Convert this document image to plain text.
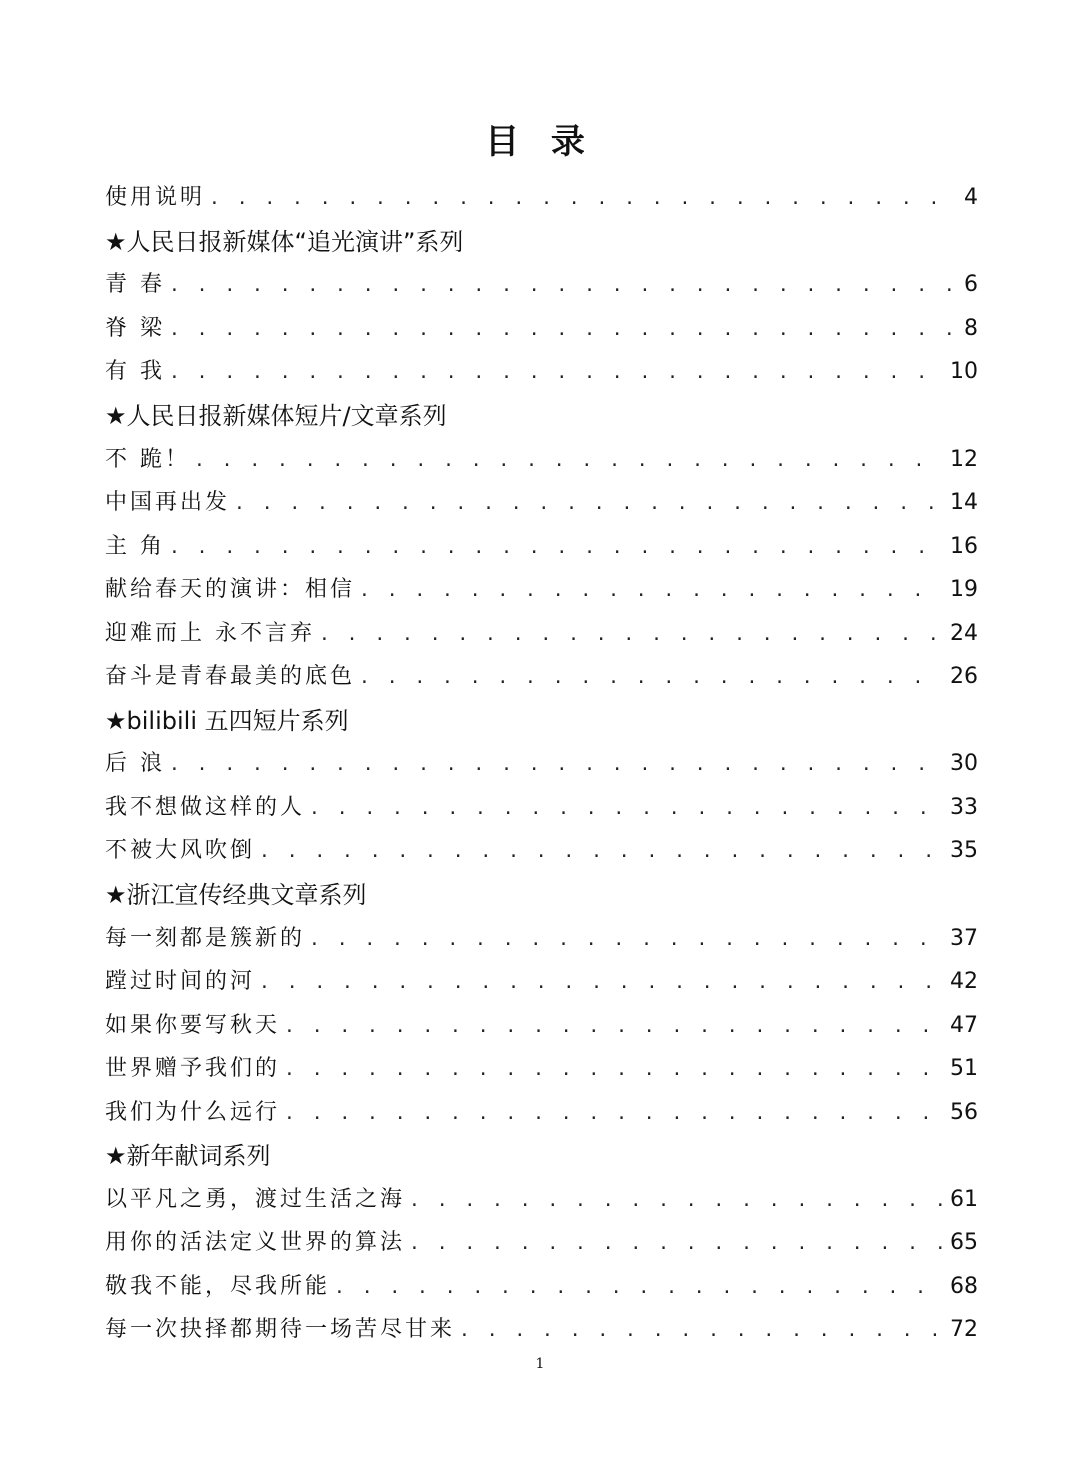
目 录
使用说明 . . .	4
★人民日报新媒体“追光演讲”系列
青 春 . . .	6
脊 梁 . . .	8
有 我 . . .	10
★人民日报新媒体短片/文章系列
不 跪！ . . .	12
中国再出发 . . .	14
主 角 . . .	16
献给春天的演讲：相信 . . .	19
迎难而上 永不言弃 . . .	24
奋斗是青春最美的底色 . . .	26
★bilibili 五四短片系列
后 浪 . . .	30
我不想做这样的人 . . .	33
不被大风吹倒 . . .	35
★浙江宣传经典文章系列
每一刻都是簇新的 . . .	37
蹚过时间的河 . . .	42
如果你要写秋天 . . .	47
世界赠予我们的 . . .	51
我们为什么远行 . . .	56
★新年献词系列
以平凡之勇，渡过生活之海 . . .	61
用你的活法定义世界的算法 . . .	65
敬我不能，尽我所能 . . .	68
每一次抉择都期待一场苦尽甘来 . . .	72
1
